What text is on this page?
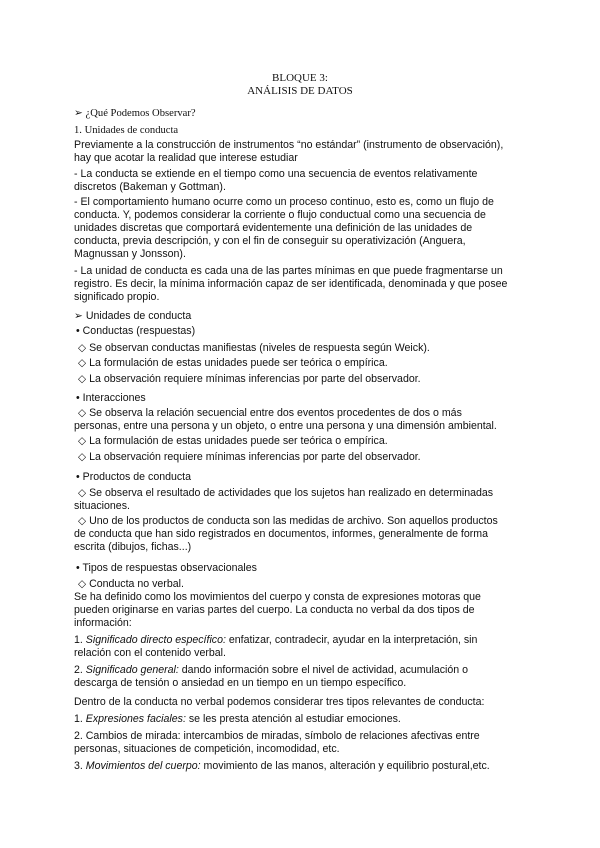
BLOQUE 3:
ANÁLISIS DE DATOS
➢ ¿Qué Podemos Observar?
1. Unidades de conducta
Previamente a la construcción de instrumentos “no estándar” (instrumento de observación),
hay que acotar la realidad que interese estudiar
- La conducta se extiende en el tiempo como una secuencia de eventos relativamente
discretos (Bakeman y Gottman).
- El comportamiento humano ocurre como un proceso continuo, esto es, como un flujo de
conducta. Y, podemos considerar la corriente o flujo conductual como una secuencia de
unidades discretas que comportará evidentemente una definición de las unidades de
conducta, previa descripción, y con el fin de conseguir su operativización (Anguera,
Magnussan y Jonsson).
- La unidad de conducta es cada una de las partes mínimas en que puede fragmentarse un
registro. Es decir, la mínima información capaz de ser identificada, denominada y que posee
significado propio.
➢ Unidades de conducta
• Conductas (respuestas)
◇ Se observan conductas manifiestas (niveles de respuesta según Weick).
◇ La formulación de estas unidades puede ser teórica o empírica.
◇ La observación requiere mínimas inferencias por parte del observador.
• Interacciones
◇ Se observa la relación secuencial entre dos eventos procedentes de dos o más
personas, entre una persona y un objeto, o entre una persona y una dimensión ambiental.
◇ La formulación de estas unidades puede ser teórica o empírica.
◇ La observación requiere mínimas inferencias por parte del observador.
• Productos de conducta
◇ Se observa el resultado de actividades que los sujetos han realizado en determinadas
situaciones.
◇ Uno de los productos de conducta son las medidas de archivo. Son aquellos productos
de conducta que han sido registrados en documentos, informes, generalmente de forma
escrita (dibujos, fichas...)
• Tipos de respuestas observacionales
◇ Conducta no verbal.
Se ha definido como los movimientos del cuerpo y consta de expresiones motoras que
pueden originarse en varias partes del cuerpo. La conducta no verbal da dos tipos de
información:
1. Significado directo específico: enfatizar, contradecir, ayudar en la interpretación, sin
relación con el contenido verbal.
2. Significado general: dando información sobre el nivel de actividad, acumulación o
descarga de tensión o ansiedad en un tiempo en un tiempo específico.
Dentro de la conducta no verbal podemos considerar tres tipos relevantes de conducta:
1. Expresiones faciales: se les presta atención al estudiar emociones.
2. Cambios de mirada: intercambios de miradas, símbolo de relaciones afectivas entre
personas, situaciones de competición, incomodidad, etc.
3. Movimientos del cuerpo: movimiento de las manos, alteración y equilibrio postural,etc.
